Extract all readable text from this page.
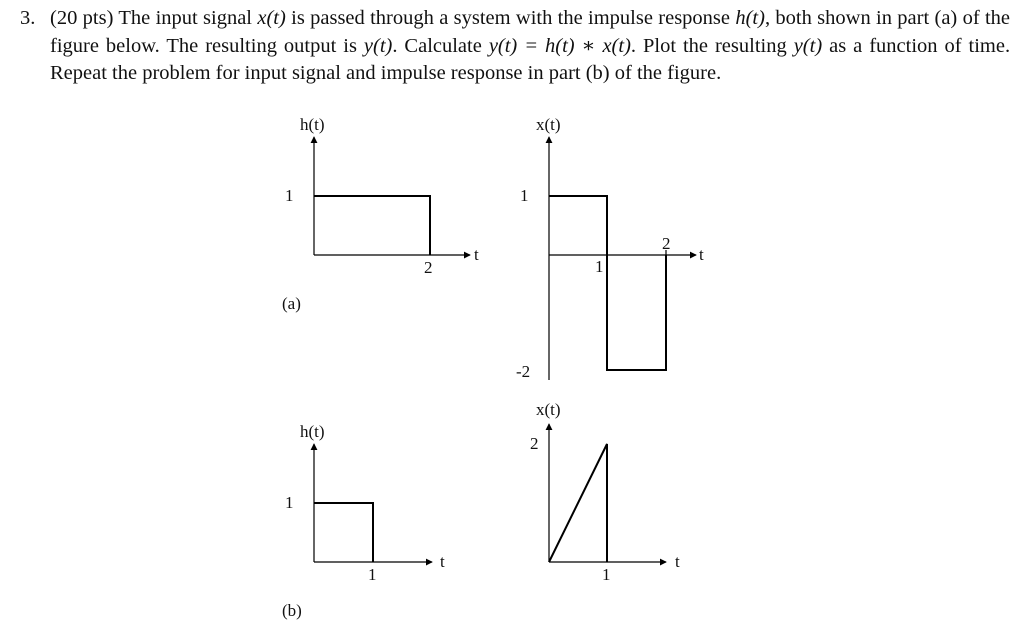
3. (20 pts) The input signal x(t) is passed through a system with the impulse response h(t), both shown in part (a) of the figure below. The resulting output is y(t). Calculate y(t) = h(t) ∗ x(t). Plot the resulting y(t) as a function of time. Repeat the problem for input signal and impulse response in part (b) of the figure.
h(t)
t
1
2
(a)
x(t)
t
1
-2
1
2
h(t)
t
1
1
(b)
x(t)
t
2
1
